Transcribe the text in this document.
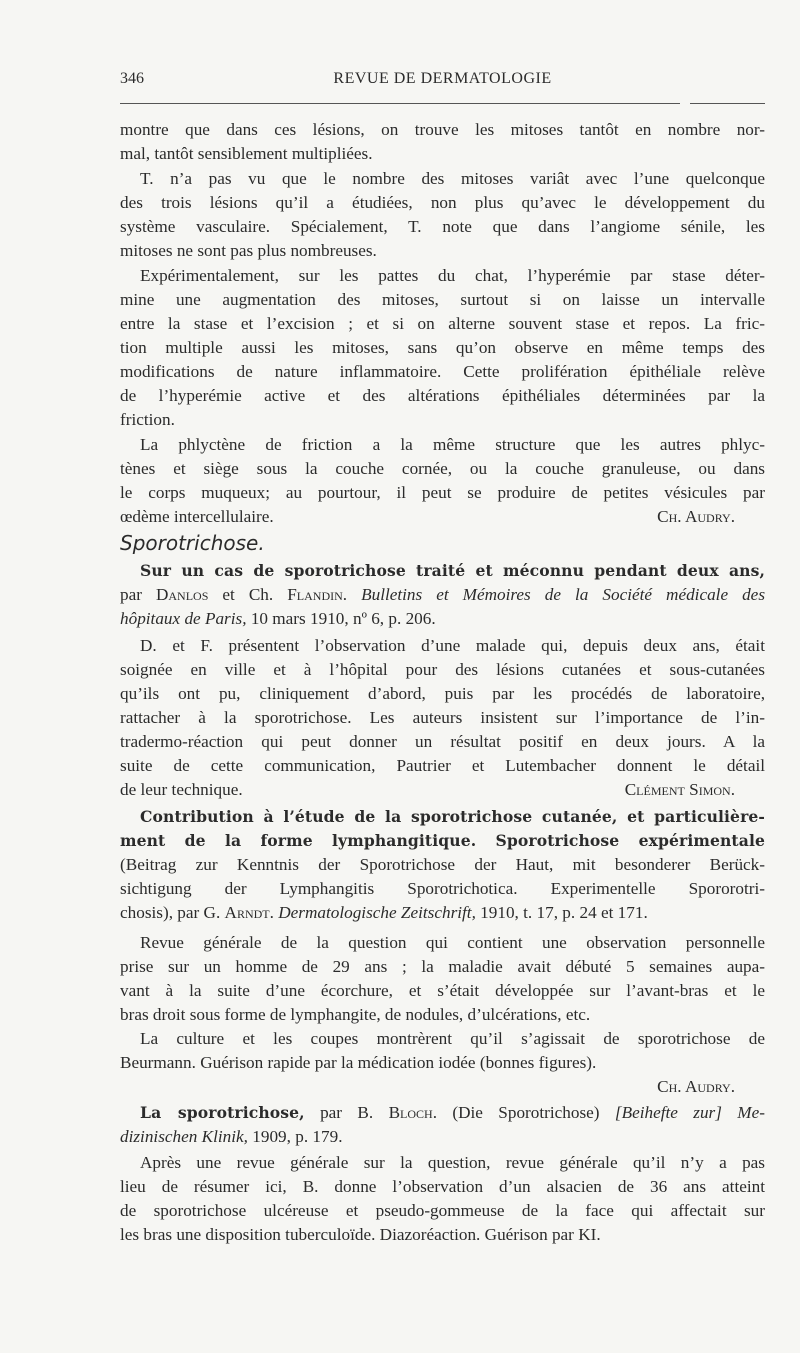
346	REVUE DE DERMATOLOGIE
montre que dans ces lésions, on trouve les mitoses tantôt en nombre nor-
mal, tantôt sensiblement multipliées.
T. n’a pas vu que le nombre des mitoses variât avec l’une quelconque
des trois lésions qu’il a étudiées, non plus qu’avec le développement du
système vasculaire. Spécialement, T. note que dans l’angiome sénile, les
mitoses ne sont pas plus nombreuses.
Expérimentalement, sur les pattes du chat, l’hyperémie par stase déter-
mine une augmentation des mitoses, surtout si on laisse un intervalle
entre la stase et l’excision ; et si on alterne souvent stase et repos. La fric-
tion multiple aussi les mitoses, sans qu’on observe en même temps des
modifications de nature inflammatoire. Cette prolifération épithéliale relève
de l’hyperémie active et des altérations épithéliales déterminées par la
friction.
La phlyctène de friction a la même structure que les autres phlyc-
tènes et siège sous la couche cornée, ou la couche granuleuse, ou dans
le corps muqueux; au pourtour, il peut se produire de petites vésicules par
œdème intercellulaire.	Ch. Audry.
Sporotrichose.
Sur un cas de sporotrichose traité et méconnu pendant deux ans,
par Danlos et Ch. Flandin. Bulletins et Mémoires de la Société médicale des
hôpitaux de Paris, 10 mars 1910, nº 6, p. 206.
D. et F. présentent l’observation d’une malade qui, depuis deux ans, était
soignée en ville et à l’hôpital pour des lésions cutanées et sous-cutanées
qu’ils ont pu, cliniquement d’abord, puis par les procédés de laboratoire,
rattacher à la sporotrichose. Les auteurs insistent sur l’importance de l’in-
tradermo-réaction qui peut donner un résultat positif en deux jours. A la
suite de cette communication, Pautrier et Lutembacher donnent le détail
de leur technique.	Clément Simon.
Contribution à l’étude de la sporotrichose cutanée, et particulière-
ment de la forme lymphangitique. Sporotrichose expérimentale
(Beitrag zur Kenntnis der Sporotrichose der Haut, mit besonderer Berück-
sichtigung der Lymphangitis Sporotrichotica. Experimentelle Spororotri-
chosis), par G. Arndt. Dermatologische Zeitschrift, 1910, t. 17, p. 24 et 171.
Revue générale de la question qui contient une observation personnelle
prise sur un homme de 29 ans ; la maladie avait débuté 5 semaines aupa-
vant à la suite d’une écorchure, et s’était développée sur l’avant-bras et le
bras droit sous forme de lymphangite, de nodules, d’ulcérations, etc.
La culture et les coupes montrèrent qu’il s’agissait de sporotrichose de
Beurmann. Guérison rapide par la médication iodée (bonnes figures).
Ch. Audry.
La sporotrichose, par B. Bloch. (Die Sporotrichose) [Beihefte zur] Me-
dizinischen Klinik, 1909, p. 179.
Après une revue générale sur la question, revue générale qu’il n’y a pas
lieu de résumer ici, B. donne l’observation d’un alsacien de 36 ans atteint
de sporotrichose ulcéreuse et pseudo-gommeuse de la face qui affectait sur
les bras une disposition tuberculoïde. Diazoréaction. Guérison par KI.
